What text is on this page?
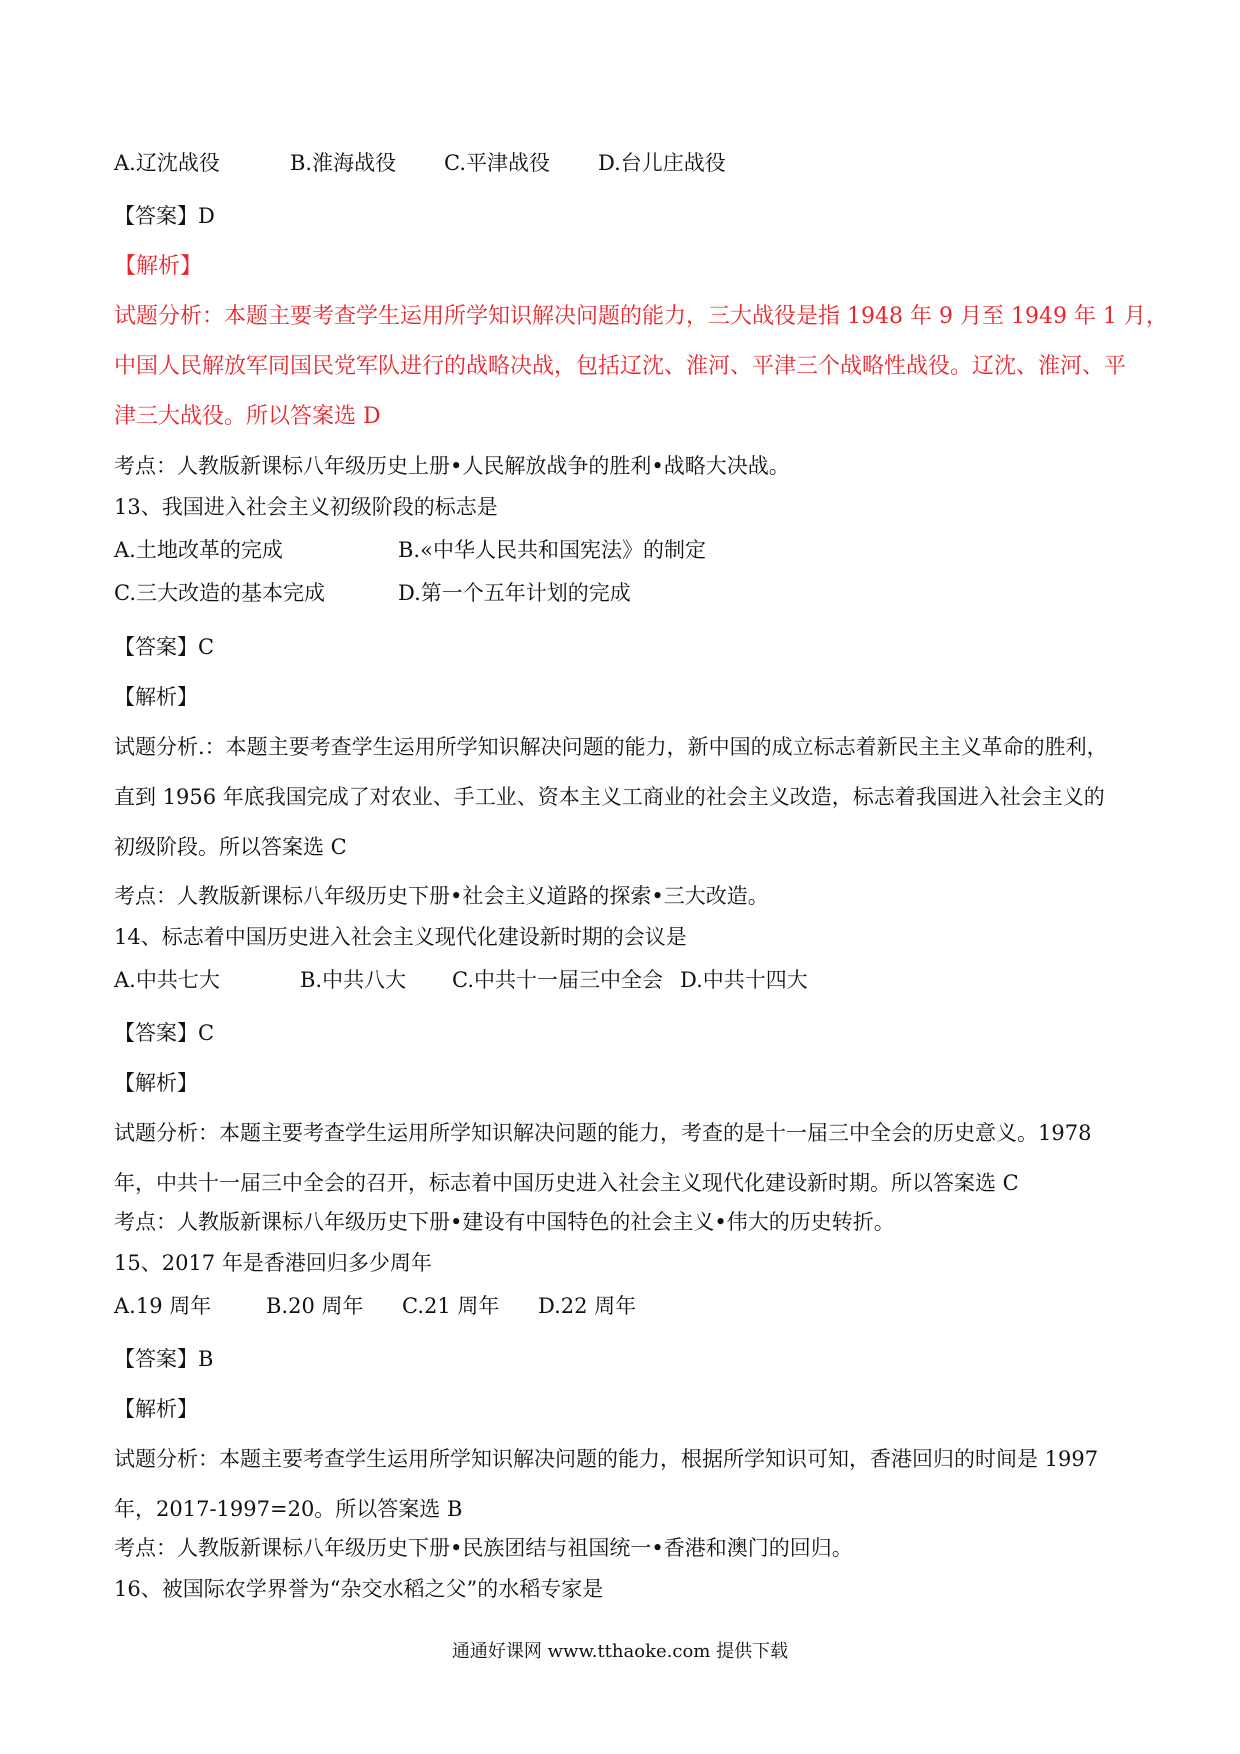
A.辽沈战役	B.淮海战役 C.平津战役 D.台儿庄战役
【答案】D
【解析】
试题分析：本题主要考查学生运用所学知识解决问题的能力，三大战役是指 1948 年 9 月至 1949 年 1 月，
中国人民解放军同国民党军队进行的战略决战，包括辽沈、淮河、平津三个战略性战役。辽沈、淮河、平
津三大战役。所以答案选 D
考点：人教版新课标八年级历史上册•人民解放战争的胜利•战略大决战。
13、我国进入社会主义初级阶段的标志是
A.土地改革的完成	B.«中华人民共和国宪法》的制定
C.三大改造的基本完成	D.第一个五年计划的完成
【答案】C
【解析】
试题分析.：本题主要考查学生运用所学知识解决问题的能力，新中国的成立标志着新民主主义革命的胜利，
直到 1956 年底我国完成了对农业、手工业、资本主义工商业的社会主义改造，标志着我国进入社会主义的
初级阶段。所以答案选 C
考点：人教版新课标八年级历史下册•社会主义道路的探索•三大改造。
14、标志着中国历史进入社会主义现代化建设新时期的会议是
A.中共七大	B.中共八大 C.中共十一届三中全会 D.中共十四大
【答案】C
【解析】
试题分析：本题主要考查学生运用所学知识解决问题的能力，考查的是十一届三中全会的历史意义。1978
年，中共十一届三中全会的召开，标志着中国历史进入社会主义现代化建设新时期。所以答案选 C
考点：人教版新课标八年级历史下册•建设有中国特色的社会主义•伟大的历史转折。
15、2017 年是香港回归多少周年
A.19 周年	B.20 周年 C.21 周年 D.22 周年
【答案】B
【解析】
试题分析：本题主要考查学生运用所学知识解决问题的能力，根据所学知识可知，香港回归的时间是 1997
年，2017-1997=20。所以答案选 B
考点：人教版新课标八年级历史下册•民族团结与祖国统一•香港和澳门的回归。
16、被国际农学界誉为“杂交水稻之父”的水稻专家是
通通好课网 www.tthaoke.com 提供下载
